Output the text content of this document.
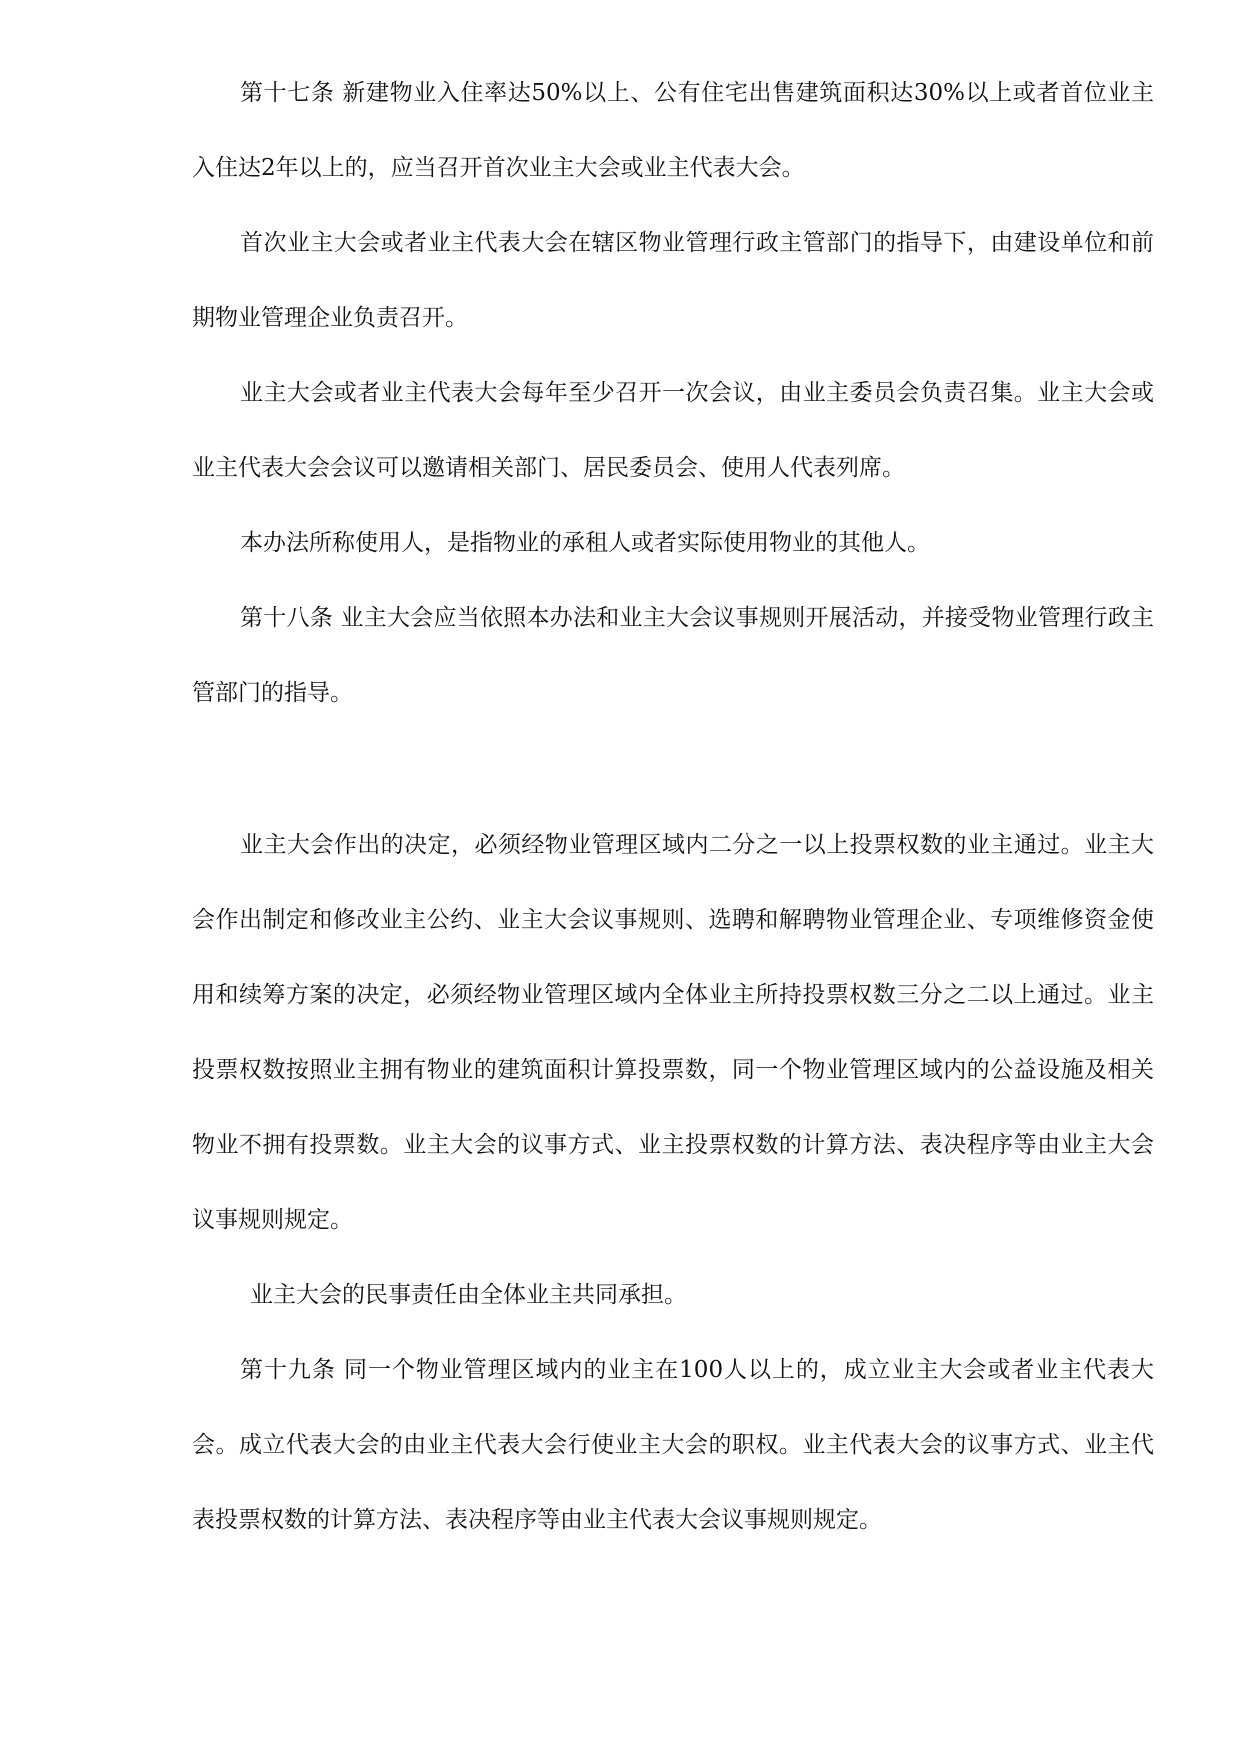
第十七条 新建物业入住率达50%以上、公有住宅出售建筑面积达30%以上或者首位业主入住达2年以上的，应当召开首次业主大会或业主代表大会。

首次业主大会或者业主代表大会在辖区物业管理行政主管部门的指导下，由建设单位和前期物业管理企业负责召开。

业主大会或者业主代表大会每年至少召开一次会议，由业主委员会负责召集。业主大会或业主代表大会会议可以邀请相关部门、居民委员会、使用人代表列席。

本办法所称使用人，是指物业的承租人或者实际使用物业的其他人。

第十八条 业主大会应当依照本办法和业主大会议事规则开展活动，并接受物业管理行政主管部门的指导。

业主大会作出的决定，必须经物业管理区域内二分之一以上投票权数的业主通过。业主大会作出制定和修改业主公约、业主大会议事规则、选聘和解聘物业管理企业、专项维修资金使用和续筹方案的决定，必须经物业管理区域内全体业主所持投票权数三分之二以上通过。业主投票权数按照业主拥有物业的建筑面积计算投票数，同一个物业管理区域内的公益设施及相关物业不拥有投票数。业主大会的议事方式、业主投票权数的计算方法、表决程序等由业主大会议事规则规定。

业主大会的民事责任由全体业主共同承担。

第十九条 同一个物业管理区域内的业主在100人以上的，成立业主大会或者业主代表大会。成立代表大会的由业主代表大会行使业主大会的职权。业主代表大会的议事方式、业主代表投票权数的计算方法、表决程序等由业主代表大会议事规则规定。
